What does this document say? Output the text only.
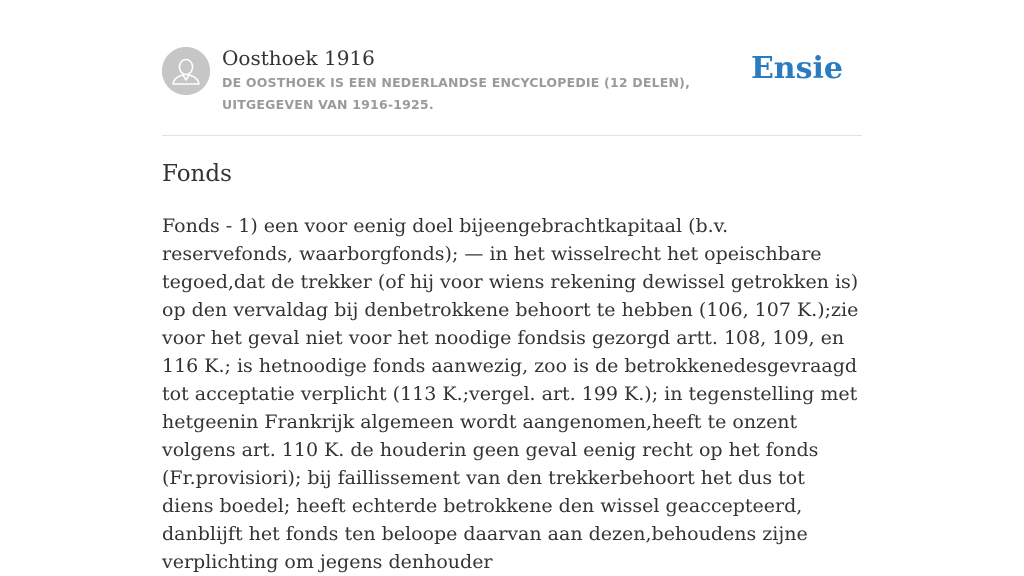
Oosthoek 1916
DE OOSTHOEK IS EEN NEDERLANDSE ENCYCLOPEDIE (12 DELEN), UITGEGEVEN VAN 1916-1925.
Ensie
Fonds

Fonds - 1) een voor eenig doel bijeengebrachtkapitaal (b.v. reservefonds, waarborgfonds); — in het wisselrecht het opeischbare tegoed,dat de trekker (of hij voor wiens rekening dewissel getrokken is) op den vervaldag bij denbetrokkene behoort te hebben (106, 107 K.);zie voor het geval niet voor het noodige fondsis gezorgd artt. 108, 109, en 116 K.; is hetnoodige fonds aanwezig, zoo is de betrokkenedesgevraagd tot acceptatie verplicht (113 K.;vergel. art. 199 K.); in tegenstelling met hetgeenin Frankrijk algemeen wordt aangenomen,heeft te onzent volgens art. 110 K. de houderin geen geval eenig recht op het fonds (Fr.provisiori); bij faillissement van den trekkerbehoort het dus tot diens boedel; heeft echterde betrokkene den wissel geaccepteerd, danblijft het fonds ten beloope daarvan aan dezen,behoudens zijne verplichting om jegens denhouder
